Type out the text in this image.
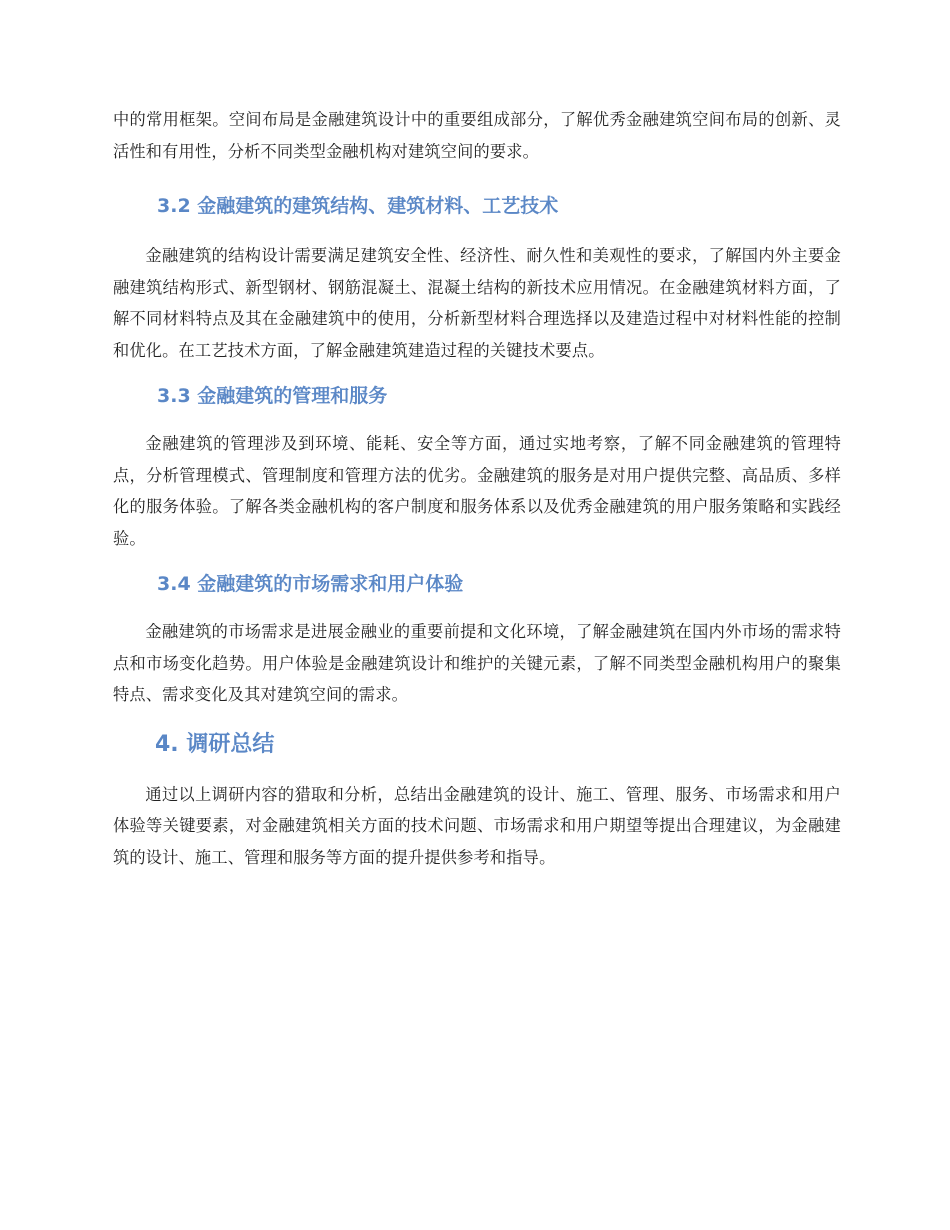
中的常用框架。空间布局是金融建筑设计中的重要组成部分，了解优秀金融建筑空间布局的创新、灵活性和有用性，分析不同类型金融机构对建筑空间的要求。

3.2 金融建筑的建筑结构、建筑材料、工艺技术

金融建筑的结构设计需要满足建筑安全性、经济性、耐久性和美观性的要求，了解国内外主要金融建筑结构形式、新型钢材、钢筋混凝土、混凝土结构的新技术应用情况。在金融建筑材料方面，了解不同材料特点及其在金融建筑中的使用，分析新型材料合理选择以及建造过程中对材料性能的控制和优化。在工艺技术方面，了解金融建筑建造过程的关键技术要点。

3.3 金融建筑的管理和服务

金融建筑的管理涉及到环境、能耗、安全等方面，通过实地考察，了解不同金融建筑的管理特点，分析管理模式、管理制度和管理方法的优劣。金融建筑的服务是对用户提供完整、高品质、多样化的服务体验。了解各类金融机构的客户制度和服务体系以及优秀金融建筑的用户服务策略和实践经验。

3.4 金融建筑的市场需求和用户体验

金融建筑的市场需求是进展金融业的重要前提和文化环境，了解金融建筑在国内外市场的需求特点和市场变化趋势。用户体验是金融建筑设计和维护的关键元素，了解不同类型金融机构用户的聚集特点、需求变化及其对建筑空间的需求。

4. 调研总结

通过以上调研内容的猎取和分析，总结出金融建筑的设计、施工、管理、服务、市场需求和用户体验等关键要素，对金融建筑相关方面的技术问题、市场需求和用户期望等提出合理建议，为金融建筑的设计、施工、管理和服务等方面的提升提供参考和指导。
